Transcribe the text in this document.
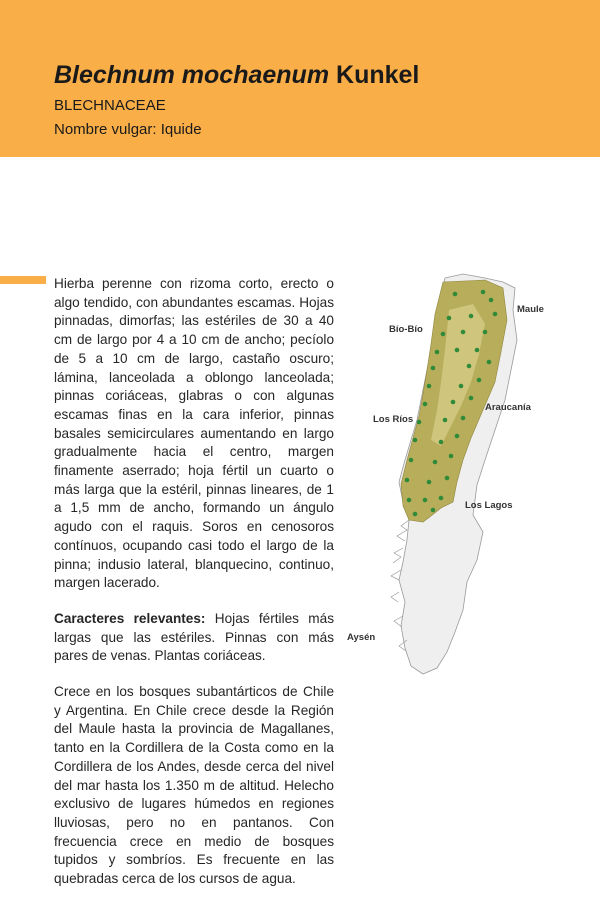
Blechnum mochaenum Kunkel
BLECHNACEAE
Nombre vulgar: Iquide

Hierba perenne con rizoma corto, erecto o algo tendido, con abundantes escamas. Hojas pinnadas, dimorfas; las estériles de 30 a 40 cm de largo por 4 a 10 cm de ancho; pecíolo de 5 a 10 cm de largo, castaño oscuro; lámina, lanceolada a oblongo lanceolada; pinnas coriáceas, glabras o con algunas escamas finas en la cara inferior, pinnas basales semicirculares aumentando en largo gradualmente hacia el centro, margen finamente aserrado; hoja fértil un cuarto o más larga que la estéril, pinnas lineares, de 1 a 1,5 mm de ancho, formando un ángulo agudo con el raquis. Soros en cenosoros contínuos, ocupando casi todo el largo de la pinna; indusio lateral, blanquecino, continuo, margen lacerado.

Caracteres relevantes: Hojas fértiles más largas que las estériles. Pinnas con más pares de venas. Plantas coriáceas.

Crece en los bosques subantárticos de Chile y Argentina. En Chile crece desde la Región del Maule hasta la provincia de Magallanes, tanto en la Cordillera de la Costa como en la Cordillera de los Andes, desde cerca del nivel del mar hasta los 1.350 m de altitud. Helecho exclusivo de lugares húmedos en regiones lluviosas, pero no en pantanos. Con frecuencia crece en medio de bosques tupidos y sombríos. Es frecuente en las quebradas cerca de los cursos de agua.

Maule
Bío-Bío
Araucanía
Los Ríos
Los Lagos
Aysén
